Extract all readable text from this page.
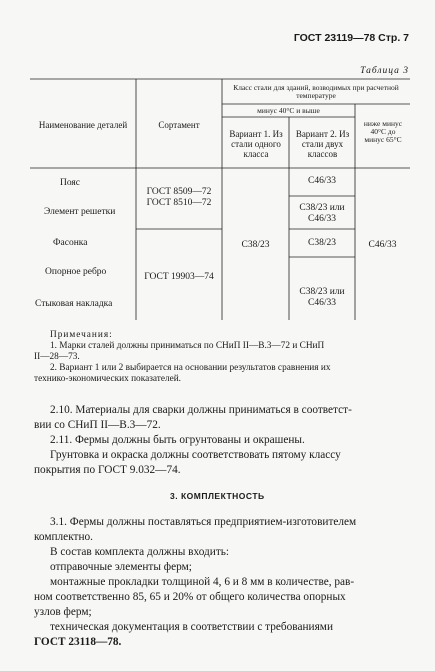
ГОСТ 23119—78 Стр. 7
Таблица 3
Наименование деталей	Сортамент
Класс стали для зданий, возводимых при расчетной температуре
минус 40°С и выше
Вариант 1. Из стали одного класса
Вариант 2. Из стали двух классов
ниже минус 40°С до минус 65°С
Пояс
Элемент решетки
Фасонка
Опорное ребро
Стыковая накладка
ГОСТ 8509—72
ГОСТ 8510—72
ГОСТ 19903—74
С38/23
С46/33
С38/23 или
С46/33
С38/23
С38/23 или
С46/33
С46/33
Примечания:
1. Марки сталей должны приниматься по СНиП II—В.3—72 и СНиП
II—28—73.
2. Вариант 1 или 2 выбирается на основании результатов сравнения их
технико-экономических показателей.
2.10. Материалы для сварки должны приниматься в соответст-
вии со СНиП II—В.3—72.
2.11. Фермы должны быть огрунтованы и окрашены.
Грунтовка и окраска должны соответствовать пятому классу
покрытия по ГОСТ 9.032—74.
3. КОМПЛЕКТНОСТЬ
3.1. Фермы должны поставляться предприятием-изготовителем
комплектно.
В состав комплекта должны входить:
отправочные элементы ферм;
монтажные прокладки толщиной 4, 6 и 8 мм в количестве, рав-
ном соответственно 85, 65 и 20% от общего количества опорных
узлов ферм;
техническая документация в соответствии с требованиями
ГОСТ 23118—78.
